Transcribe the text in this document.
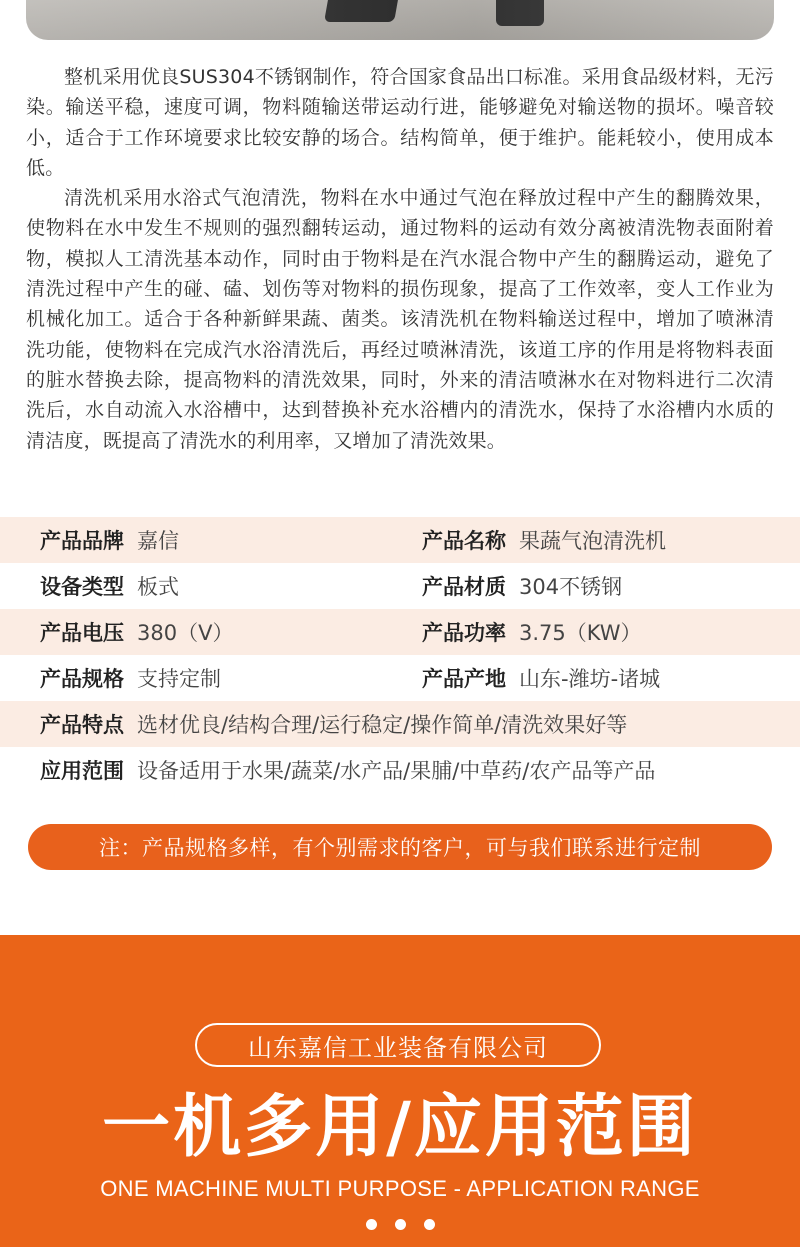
整机采用优良SUS304不锈钢制作，符合国家食品出口标准。采用食品级材料，无污染。输送平稳，速度可调，物料随输送带运动行进，能够避免对输送物的损坏。噪音较小，适合于工作环境要求比较安静的场合。结构简单，便于维护。能耗较小，使用成本低。

清洗机采用水浴式气泡清洗，物料在水中通过气泡在释放过程中产生的翻腾效果，使物料在水中发生不规则的强烈翻转运动，通过物料的运动有效分离被清洗物表面附着物，模拟人工清洗基本动作，同时由于物料是在汽水混合物中产生的翻腾运动，避免了清洗过程中产生的碰、磕、划伤等对物料的损伤现象，提高了工作效率，变人工作业为机械化加工。适合于各种新鲜果蔬、菌类。该清洗机在物料输送过程中，增加了喷淋清洗功能，使物料在完成汽水浴清洗后，再经过喷淋清洗，该道工序的作用是将物料表面的脏水替换去除，提高物料的清洗效果，同时，外来的清洁喷淋水在对物料进行二次清洗后，水自动流入水浴槽中，达到替换补充水浴槽内的清洗水，保持了水浴槽内水质的清洁度，既提高了清洗水的利用率，又增加了清洗效果。

产品品牌 嘉信	产品名称 果蔬气泡清洗机
设备类型 板式	产品材质 304不锈钢
产品电压 380（V）	产品功率 3.75（KW）
产品规格 支持定制	产品产地 山东-潍坊-诸城
产品特点 选材优良/结构合理/运行稳定/操作简单/清洗效果好等
应用范围 设备适用于水果/蔬菜/水产品/果脯/中草药/农产品等产品
注：产品规格多样，有个别需求的客户，可与我们联系进行定制
山东嘉信工业装备有限公司
一机多用/应用范围
ONE MACHINE MULTI PURPOSE - APPLICATION RANGE
